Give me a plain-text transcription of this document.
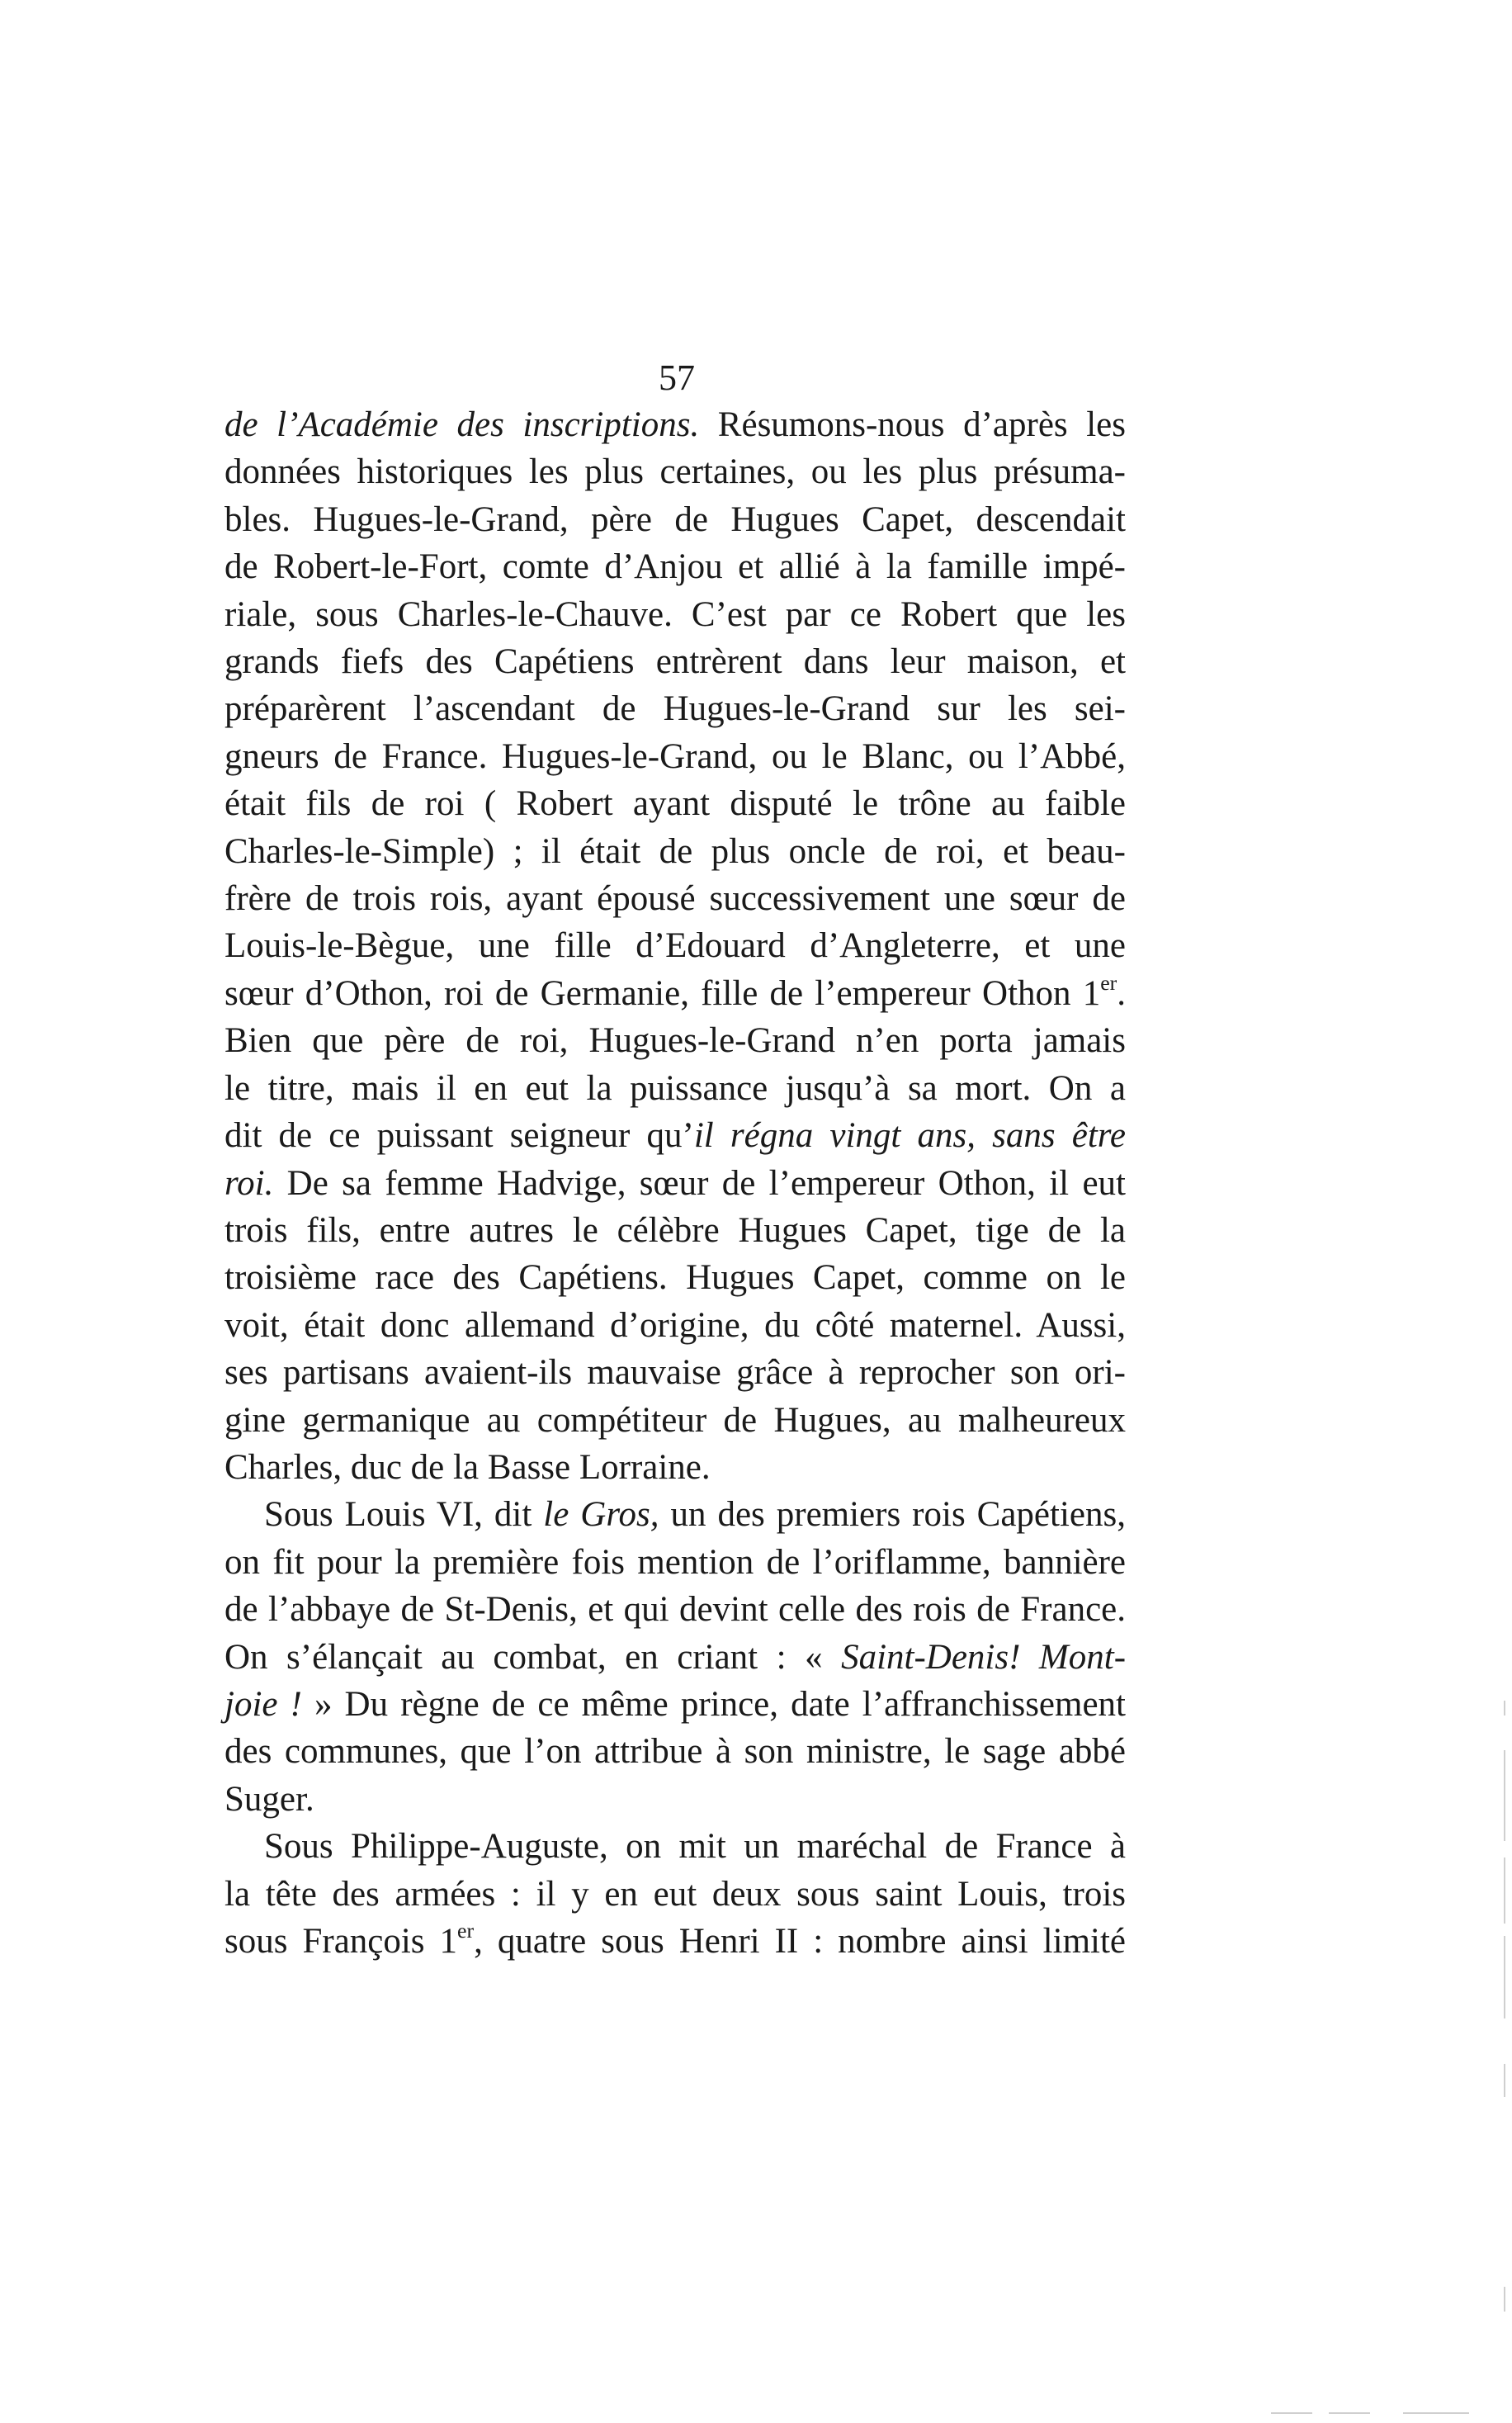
57
de l’Académie des inscriptions. Résumons-nous d’après les
données historiques les plus certaines, ou les plus présuma-
bles. Hugues-le-Grand, père de Hugues Capet, descendait
de Robert-le-Fort, comte d’Anjou et allié à la famille impé-
riale, sous Charles-le-Chauve. C’est par ce Robert que les
grands fiefs des Capétiens entrèrent dans leur maison, et
préparèrent l’ascendant de Hugues-le-Grand sur les sei-
gneurs de France. Hugues-le-Grand, ou le Blanc, ou l’Abbé,
était fils de roi ( Robert ayant disputé le trône au faible
Charles-le-Simple) ; il était de plus oncle de roi, et beau-
frère de trois rois, ayant épousé successivement une sœur de
Louis-le-Bègue, une fille d’Edouard d’Angleterre, et une
sœur d’Othon, roi de Germanie, fille de l’empereur Othon 1er.
Bien que père de roi, Hugues-le-Grand n’en porta jamais
le titre, mais il en eut la puissance jusqu’à sa mort. On a
dit de ce puissant seigneur qu’il régna vingt ans, sans être
roi. De sa femme Hadvige, sœur de l’empereur Othon, il eut
trois fils, entre autres le célèbre Hugues Capet, tige de la
troisième race des Capétiens. Hugues Capet, comme on le
voit, était donc allemand d’origine, du côté maternel. Aussi,
ses partisans avaient-ils mauvaise grâce à reprocher son ori-
gine germanique au compétiteur de Hugues, au malheureux
Charles, duc de la Basse Lorraine.
Sous Louis VI, dit le Gros, un des premiers rois Capétiens,
on fit pour la première fois mention de l’oriflamme, bannière
de l’abbaye de St-Denis, et qui devint celle des rois de France.
On s’élançait au combat, en criant : « Saint-Denis! Mont-
joie ! » Du règne de ce même prince, date l’affranchissement
des communes, que l’on attribue à son ministre, le sage abbé
Suger.
Sous Philippe-Auguste, on mit un maréchal de France à
la tête des armées : il y en eut deux sous saint Louis, trois
sous François 1er, quatre sous Henri II : nombre ainsi limité
